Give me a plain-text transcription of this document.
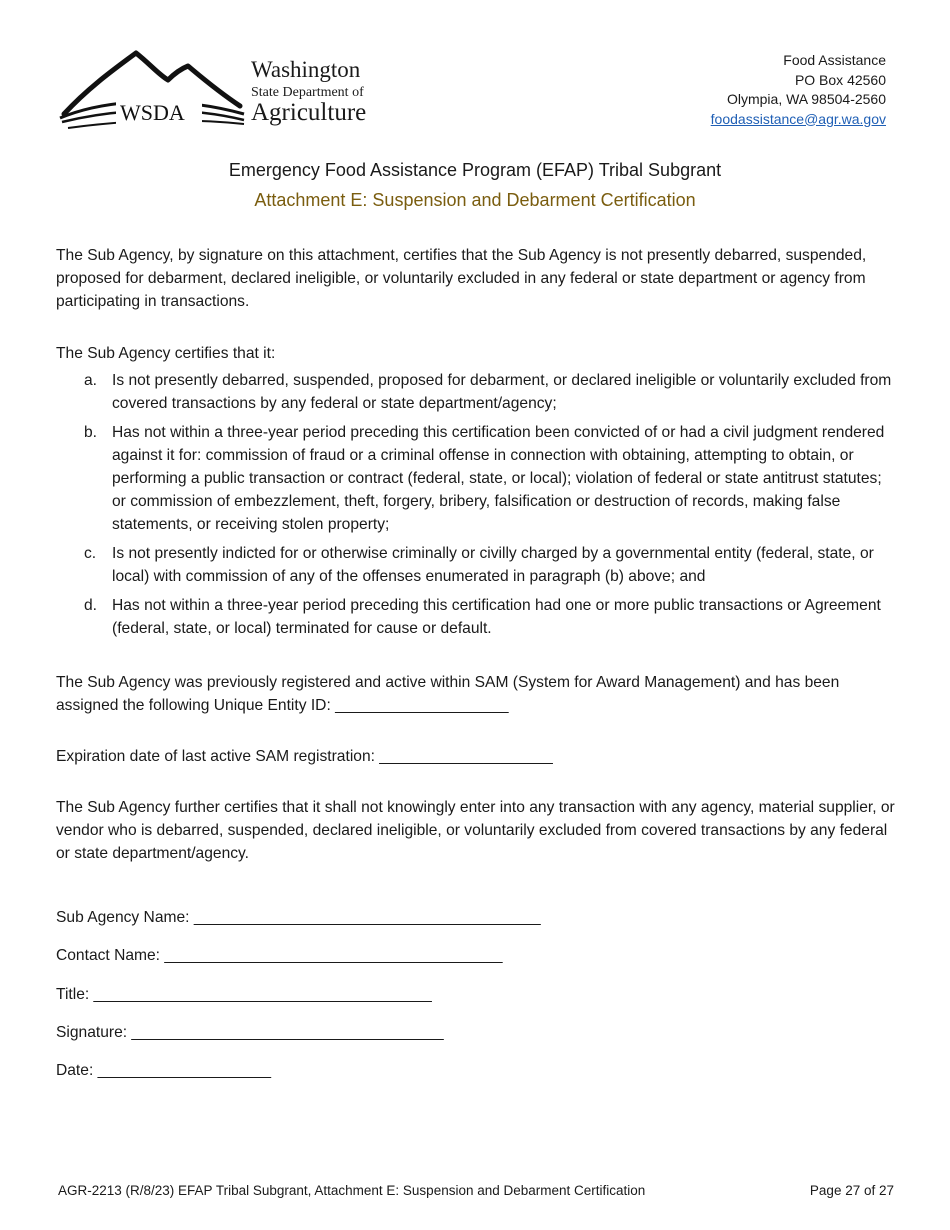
WSDA
Washington
State Department of
Agriculture
Food Assistance
PO Box 42560
Olympia, WA 98504-2560
foodassistance@agr.wa.gov
Emergency Food Assistance Program (EFAP) Tribal Subgrant
Attachment E: Suspension and Debarment Certification
The Sub Agency, by signature on this attachment, certifies that the Sub Agency is not presently debarred, suspended, proposed for debarment, declared ineligible, or voluntarily excluded in any federal or state department or agency from participating in transactions.
The Sub Agency certifies that it:
a. Is not presently debarred, suspended, proposed for debarment, or declared ineligible or voluntarily excluded from covered transactions by any federal or state department/agency;
b. Has not within a three-year period preceding this certification been convicted of or had a civil judgment rendered against it for: commission of fraud or a criminal offense in connection with obtaining, attempting to obtain, or performing a public transaction or contract (federal, state, or local); violation of federal or state antitrust statutes; or commission of embezzlement, theft, forgery, bribery, falsification or destruction of records, making false statements, or receiving stolen property;
c. Is not presently indicted for or otherwise criminally or civilly charged by a governmental entity (federal, state, or local) with commission of any of the offenses enumerated in paragraph (b) above; and
d. Has not within a three-year period preceding this certification had one or more public transactions or Agreement (federal, state, or local) terminated for cause or default.
The Sub Agency was previously registered and active within SAM (System for Award Management) and has been assigned the following Unique Entity ID: ____________________
Expiration date of last active SAM registration: ____________________
The Sub Agency further certifies that it shall not knowingly enter into any transaction with any agency, material supplier, or vendor who is debarred, suspended, declared ineligible, or voluntarily excluded from covered transactions by any federal or state department/agency.
Sub Agency Name: ________________________________________
Contact Name: _______________________________________
Title: _______________________________________
Signature: ____________________________________
Date: ____________________
AGR-2213 (R/8/23) EFAP Tribal Subgrant, Attachment E: Suspension and Debarment Certification	Page 27 of 27
